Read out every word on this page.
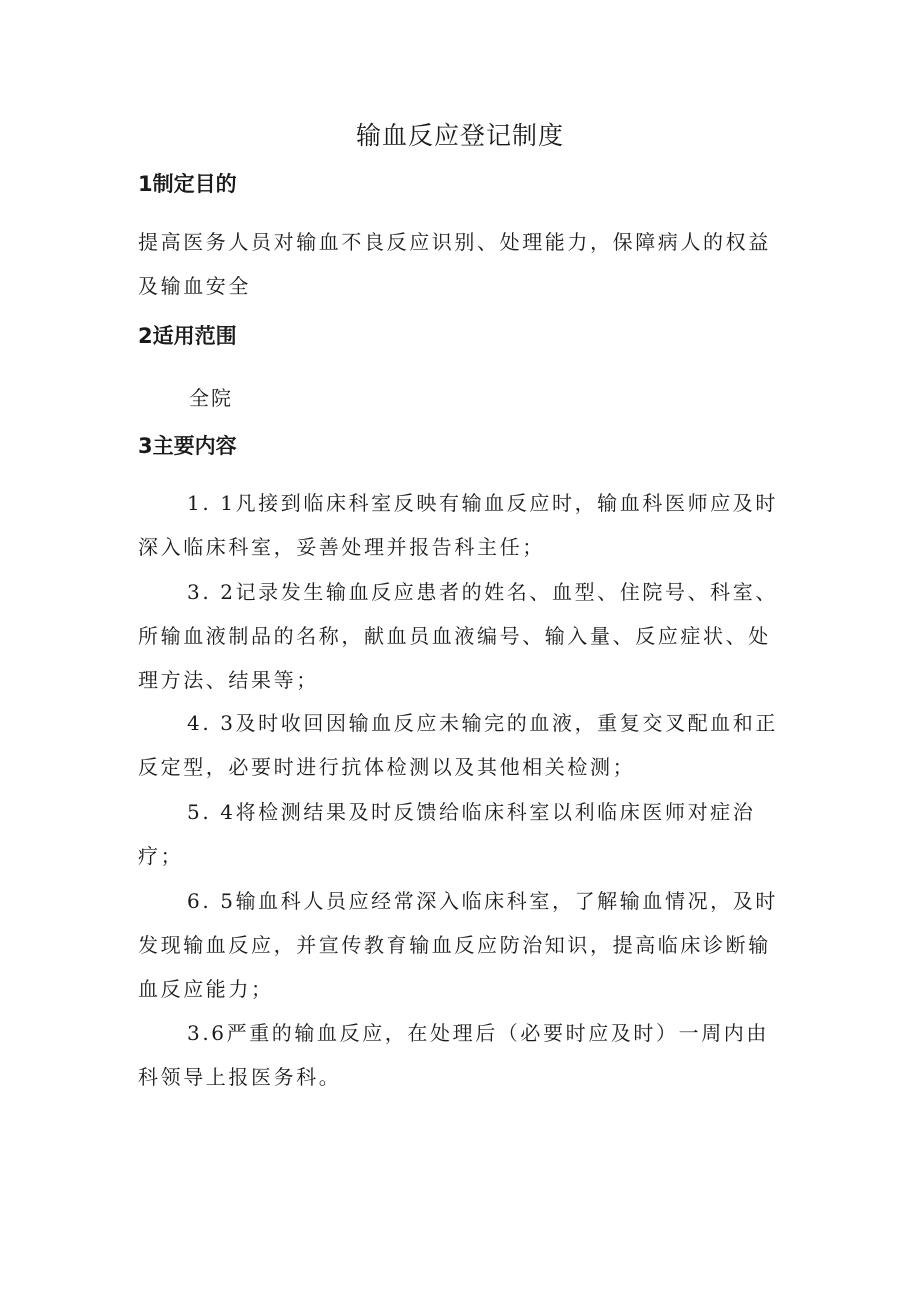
输血反应登记制度
1制定目的

提高医务人员对输血不良反应识别、处理能力，保障病人的权益
及输血安全

2适用范围

全院

3主要内容

1. 1凡接到临床科室反映有输血反应时，输血科医师应及时
深入临床科室，妥善处理并报告科主任；

3. 2记录发生输血反应患者的姓名、血型、住院号、科室、
所输血液制品的名称，献血员血液编号、输入量、反应症状、处
理方法、结果等；

4. 3及时收回因输血反应未输完的血液，重复交叉配血和正
反定型，必要时进行抗体检测以及其他相关检测；

5. 4将检测结果及时反馈给临床科室以利临床医师对症治
疗；

6. 5输血科人员应经常深入临床科室，了解输血情况，及时
发现输血反应，并宣传教育输血反应防治知识，提高临床诊断输
血反应能力；

3.6严重的输血反应，在处理后（必要时应及时）一周内由
科领导上报医务科。
